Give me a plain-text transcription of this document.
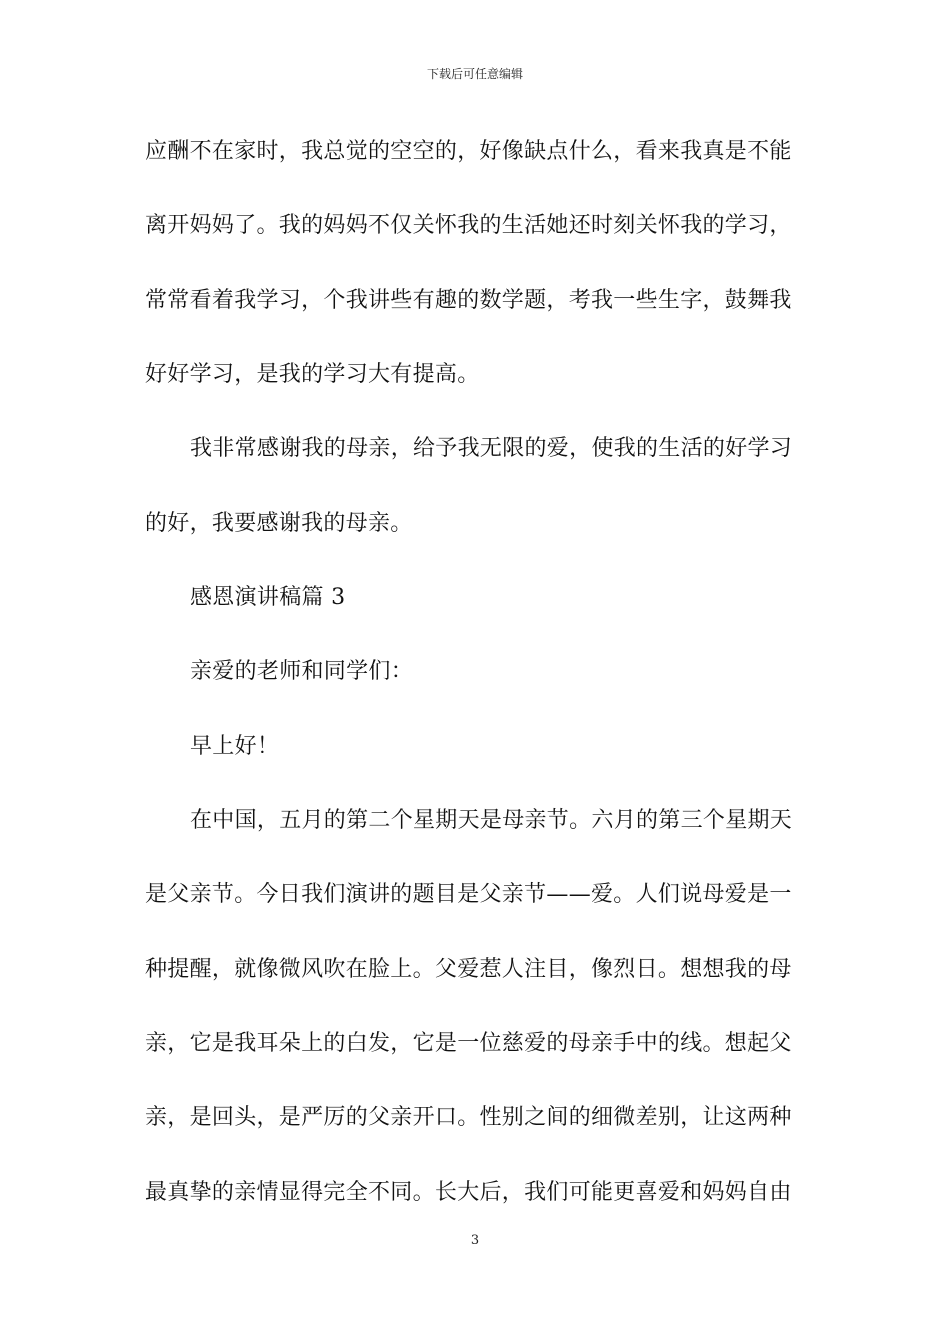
下载后可任意编辑
应酬不在家时，我总觉的空空的，好像缺点什么，看来我真是不能
离开妈妈了。我的妈妈不仅关怀我的生活她还时刻关怀我的学习，
常常看着我学习，个我讲些有趣的数学题，考我一些生字，鼓舞我
好好学习，是我的学习大有提高。
我非常感谢我的母亲，给予我无限的爱，使我的生活的好学习
的好，我要感谢我的母亲。
感恩演讲稿篇 3
亲爱的老师和同学们：
早上好！
在中国，五月的第二个星期天是母亲节。六月的第三个星期天
是父亲节。今日我们演讲的题目是父亲节——爱。人们说母爱是一
种提醒，就像微风吹在脸上。父爱惹人注目，像烈日。想想我的母
亲，它是我耳朵上的白发，它是一位慈爱的母亲手中的线。想起父
亲，是回头，是严厉的父亲开口。性别之间的细微差别，让这两种
最真挚的亲情显得完全不同。长大后，我们可能更喜爱和妈妈自由
3
